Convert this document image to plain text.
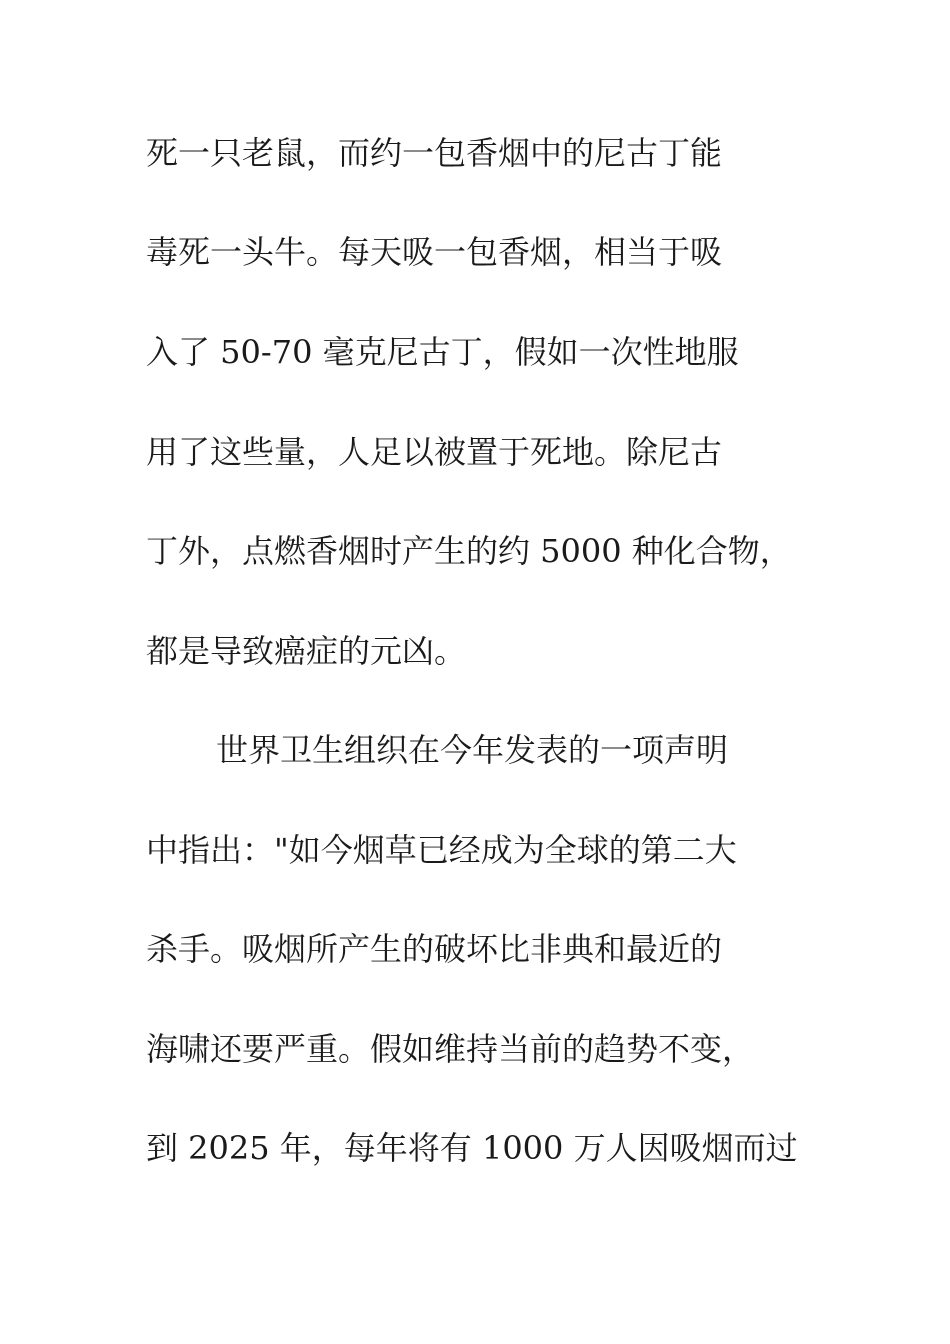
死一只老鼠，而约一包香烟中的尼古丁能
毒死一头牛。每天吸一包香烟，相当于吸
入了 50-70 毫克尼古丁，假如一次性地服
用了这些量，人足以被置于死地。除尼古
丁外，点燃香烟时产生的约 5000 种化合物，
都是导致癌症的元凶。
世界卫生组织在今年发表的一项声明
中指出："如今烟草已经成为全球的第二大
杀手。吸烟所产生的破坏比非典和最近的
海啸还要严重。假如维持当前的趋势不变，
到 2025 年，每年将有 1000 万人因吸烟而过
